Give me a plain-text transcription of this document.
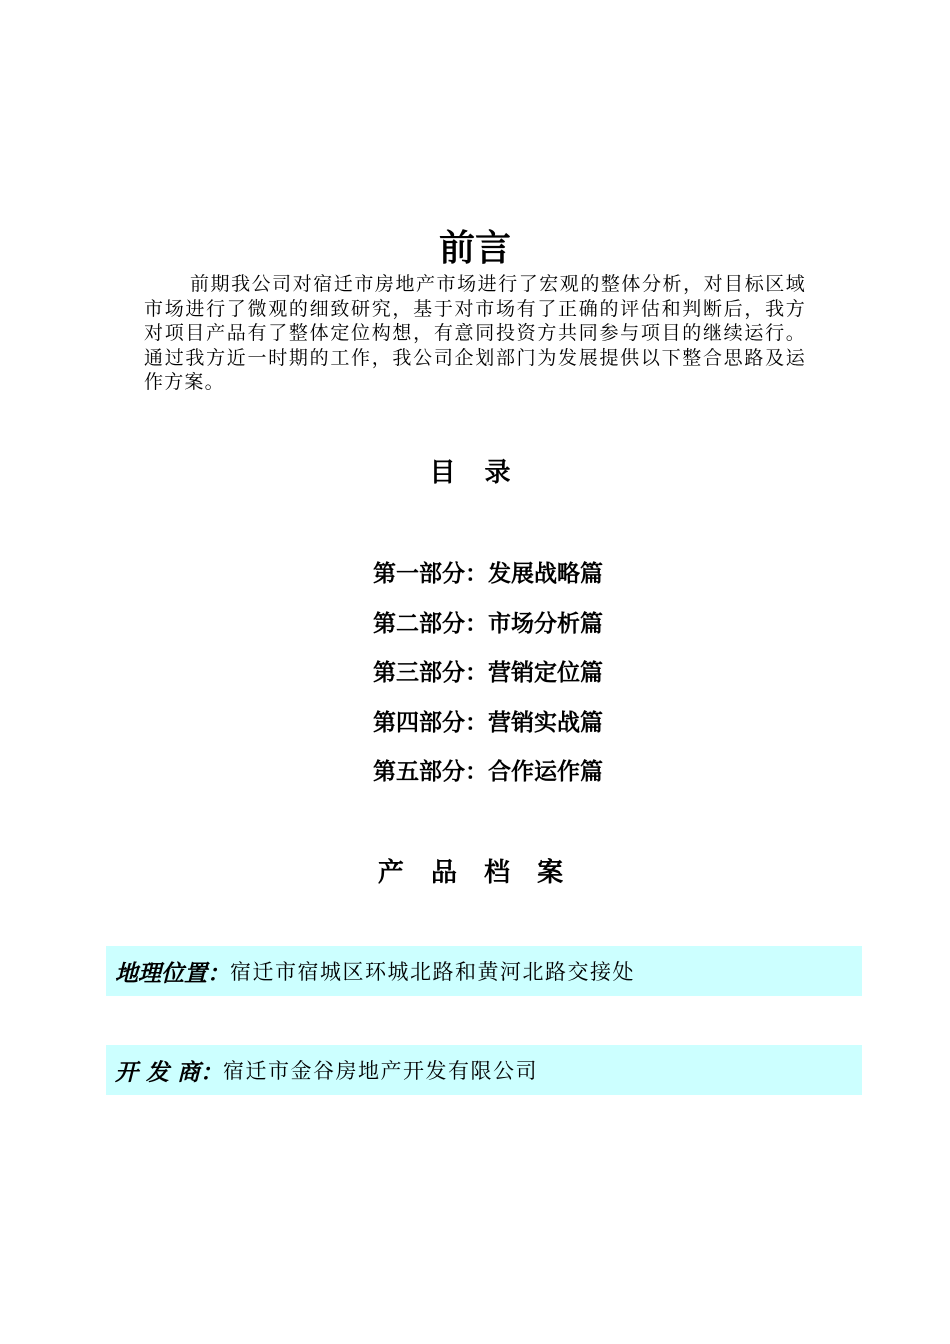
前言

前期我公司对宿迁市房地产市场进行了宏观的整体分析，对目标区域市场进行了微观的细致研究，基于对市场有了正确的评估和判断后，我方对项目产品有了整体定位构想，有意同投资方共同参与项目的继续运行。通过我方近一时期的工作，我公司企划部门为发展提供以下整合思路及运作方案。

目 录
第一部分：发展战略篇
第二部分：市场分析篇
第三部分：营销定位篇
第四部分：营销实战篇
第五部分：合作运作篇
产 品 档 案
地理位置： 宿迁市宿城区环城北路和黄河北路交接处
开 发 商： 宿迁市金谷房地产开发有限公司
